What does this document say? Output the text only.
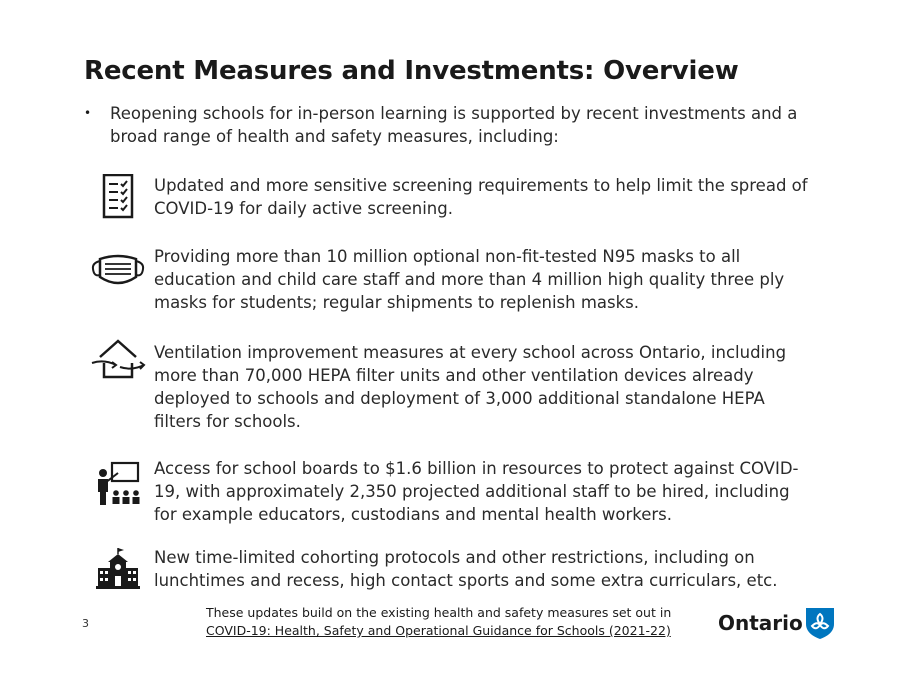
Recent Measures and Investments: Overview
• Reopening schools for in-person learning is supported by recent investments and a broad range of health and safety measures, including:
Updated and more sensitive screening requirements to help limit the spread of COVID-19 for daily active screening.
Providing more than 10 million optional non-fit-tested N95 masks to all education and child care staff and more than 4 million high quality three ply masks for students; regular shipments to replenish masks.
Ventilation improvement measures at every school across Ontario, including more than 70,000 HEPA filter units and other ventilation devices already deployed to schools and deployment of 3,000 additional standalone HEPA filters for schools.
Access for school boards to $1.6 billion in resources to protect against COVID-19, with approximately 2,350 projected additional staff to be hired, including for example educators, custodians and mental health workers.
New time-limited cohorting protocols and other restrictions, including on lunchtimes and recess, high contact sports and some extra curriculars, etc.
3
These updates build on the existing health and safety measures set out in
COVID-19: Health, Safety and Operational Guidance for Schools (2021-22) Ontario
